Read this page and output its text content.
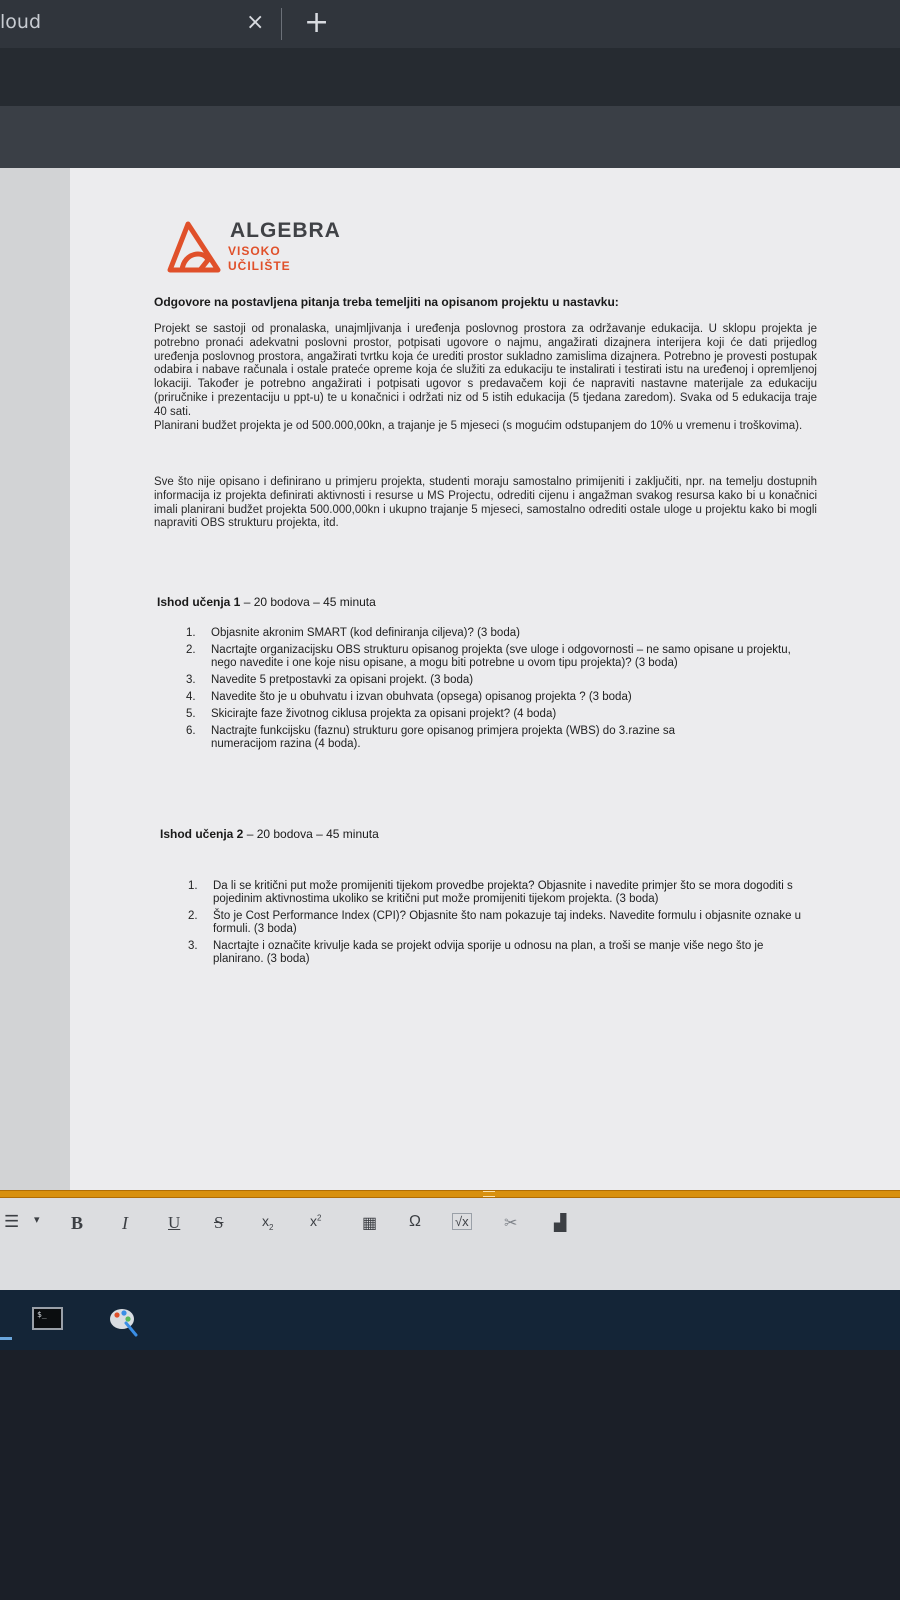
loud	× +
ALGEBRA
VISOKO
UČILIŠTE
Odgovore na postavljena pitanja treba temeljiti na opisanom projektu u nastavku:

Projekt se sastoji od pronalaska, unajmljivanja i uređenja poslovnog prostora za održavanje edukacija. U sklopu projekta je potrebno pronaći adekvatni poslovni prostor, potpisati ugovore o najmu, angažirati dizajnera interijera koji će dati prijedlog uređenja poslovnog prostora, angažirati tvrtku koja će urediti prostor sukladno zamislima dizajnera. Potrebno je provesti postupak odabira i nabave računala i ostale prateće opreme koja će služiti za edukaciju te instalirati i testirati istu na uređenoj i opremljenoj lokaciji. Također je potrebno angažirati i potpisati ugovor s predavačem koji će napraviti nastavne materijale za edukaciju (priručnike i prezentaciju u ppt-u) te u konačnici i održati niz od 5 istih edukacija (5 tjedana zaredom). Svaka od 5 edukacija traje 40 sati.

Planirani budžet projekta je od 500.000,00kn, a trajanje je 5 mjeseci (s mogućim odstupanjem do 10% u vremenu i troškovima).

Sve što nije opisano i definirano u primjeru projekta, studenti moraju samostalno primijeniti i zaključiti, npr. na temelju dostupnih informacija iz projekta definirati aktivnosti i resurse u MS Projectu, odrediti cijenu i angažman svakog resursa kako bi u konačnici imali planirani budžet projekta 500.000,00kn i ukupno trajanje 5 mjeseci, samostalno odrediti ostale uloge u projektu kako bi mogli napraviti OBS strukturu projekta, itd.
Ishod učenja 1 – 20 bodova – 45 minuta
1. Objasnite akronim SMART (kod definiranja ciljeva)? (3 boda)
2. Nacrtajte organizacijsku OBS strukturu opisanog projekta (sve uloge i odgovornosti – ne samo opisane u projektu, nego navedite i one koje nisu opisane, a mogu biti potrebne u ovom tipu projekta)? (3 boda)
3. Navedite 5 pretpostavki za opisani projekt. (3 boda)
4. Navedite što je u obuhvatu i izvan obuhvata (opsega) opisanog projekta ? (3 boda)
5. Skicirajte faze životnog ciklusa projekta za opisani projekt? (4 boda)
6. Nactrajte funkcijsku (faznu) strukturu gore opisanog primjera projekta (WBS) do 3.razine sa numeracijom razina (4 boda).
Ishod učenja 2 – 20 bodova – 45 minuta
1. Da li se kritični put može promijeniti tijekom provedbe projekta? Objasnite i navedite primjer što se mora dogoditi s pojedinim aktivnostima ukoliko se kritični put može promijeniti tijekom projekta. (3 boda)
2. Što je Cost Performance Index (CPI)? Objasnite što nam pokazuje taj indeks. Navedite formulu i objasnite oznake u formuli. (3 boda)
3. Nacrtajte i označite krivulje kada se projekt odvija sporije u odnosu na plan, a troši se manje više nego što je planirano. (3 boda)
☰ ▾ B I U S	$x_2$	$x^2$	▦ Ω	√x ✂ ▟
$_
